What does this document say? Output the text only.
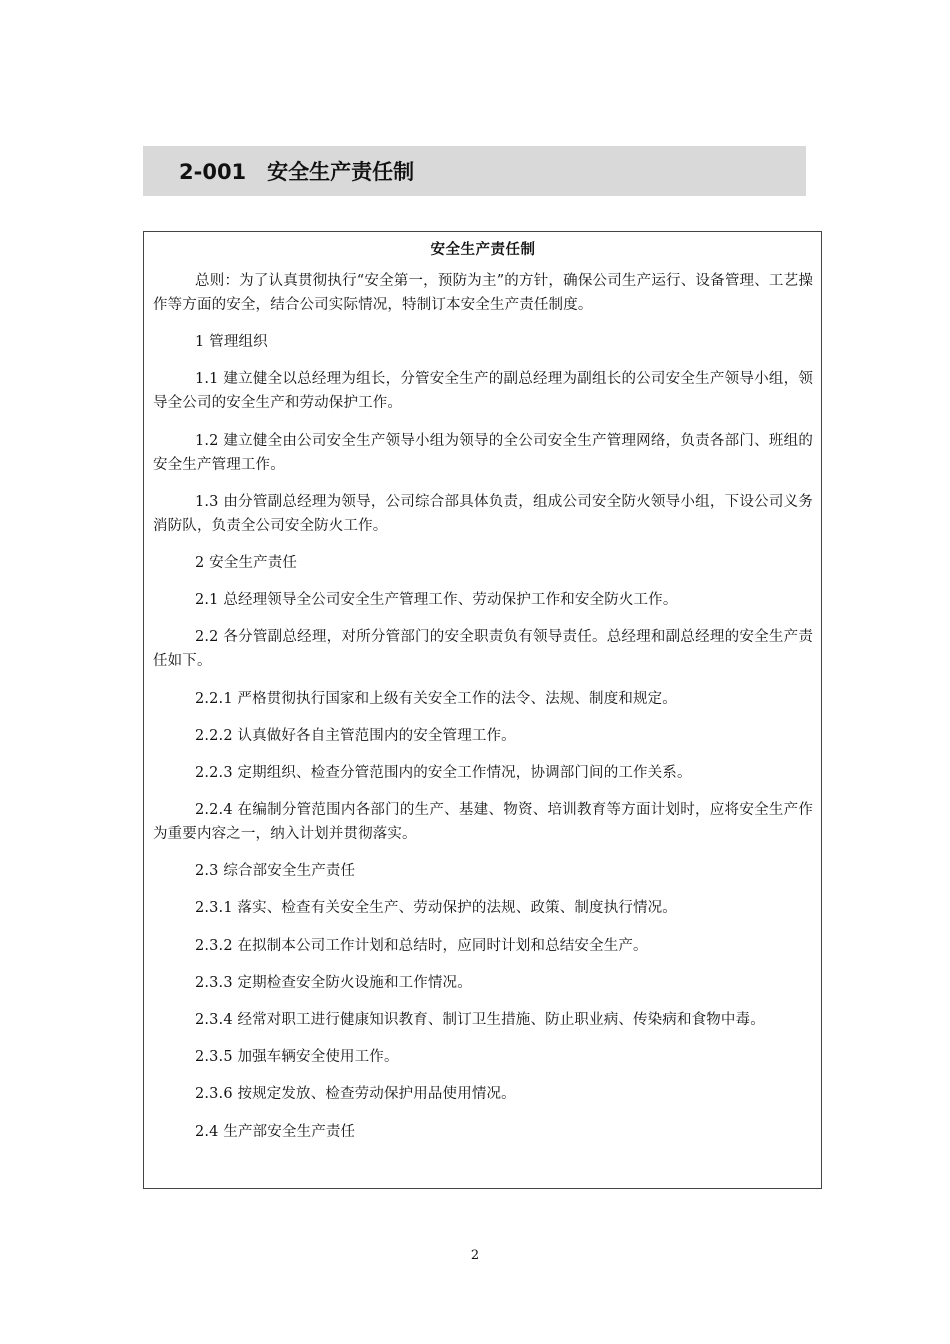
2-001　安全生产责任制
安全生产责任制

总则：为了认真贯彻执行“安全第一，预防为主”的方针，确保公司生产运行、设备管理、工艺操作等方面的安全，结合公司实际情况，特制订本安全生产责任制度。

1 管理组织

1.1 建立健全以总经理为组长，分管安全生产的副总经理为副组长的公司安全生产领导小组，领导全公司的安全生产和劳动保护工作。

1.2 建立健全由公司安全生产领导小组为领导的全公司安全生产管理网络，负责各部门、班组的安全生产管理工作。

1.3 由分管副总经理为领导，公司综合部具体负责，组成公司安全防火领导小组，下设公司义务消防队，负责全公司安全防火工作。

2 安全生产责任

2.1 总经理领导全公司安全生产管理工作、劳动保护工作和安全防火工作。

2.2 各分管副总经理，对所分管部门的安全职责负有领导责任。总经理和副总经理的安全生产责任如下。

2.2.1 严格贯彻执行国家和上级有关安全工作的法令、法规、制度和规定。

2.2.2 认真做好各自主管范围内的安全管理工作。

2.2.3 定期组织、检查分管范围内的安全工作情况，协调部门间的工作关系。

2.2.4 在编制分管范围内各部门的生产、基建、物资、培训教育等方面计划时，应将安全生产作为重要内容之一，纳入计划并贯彻落实。

2.3 综合部安全生产责任

2.3.1 落实、检查有关安全生产、劳动保护的法规、政策、制度执行情况。

2.3.2 在拟制本公司工作计划和总结时，应同时计划和总结安全生产。

2.3.3 定期检查安全防火设施和工作情况。

2.3.4 经常对职工进行健康知识教育、制订卫生措施、防止职业病、传染病和食物中毒。

2.3.5 加强车辆安全使用工作。

2.3.6 按规定发放、检查劳动保护用品使用情况。

2.4 生产部安全生产责任

2
